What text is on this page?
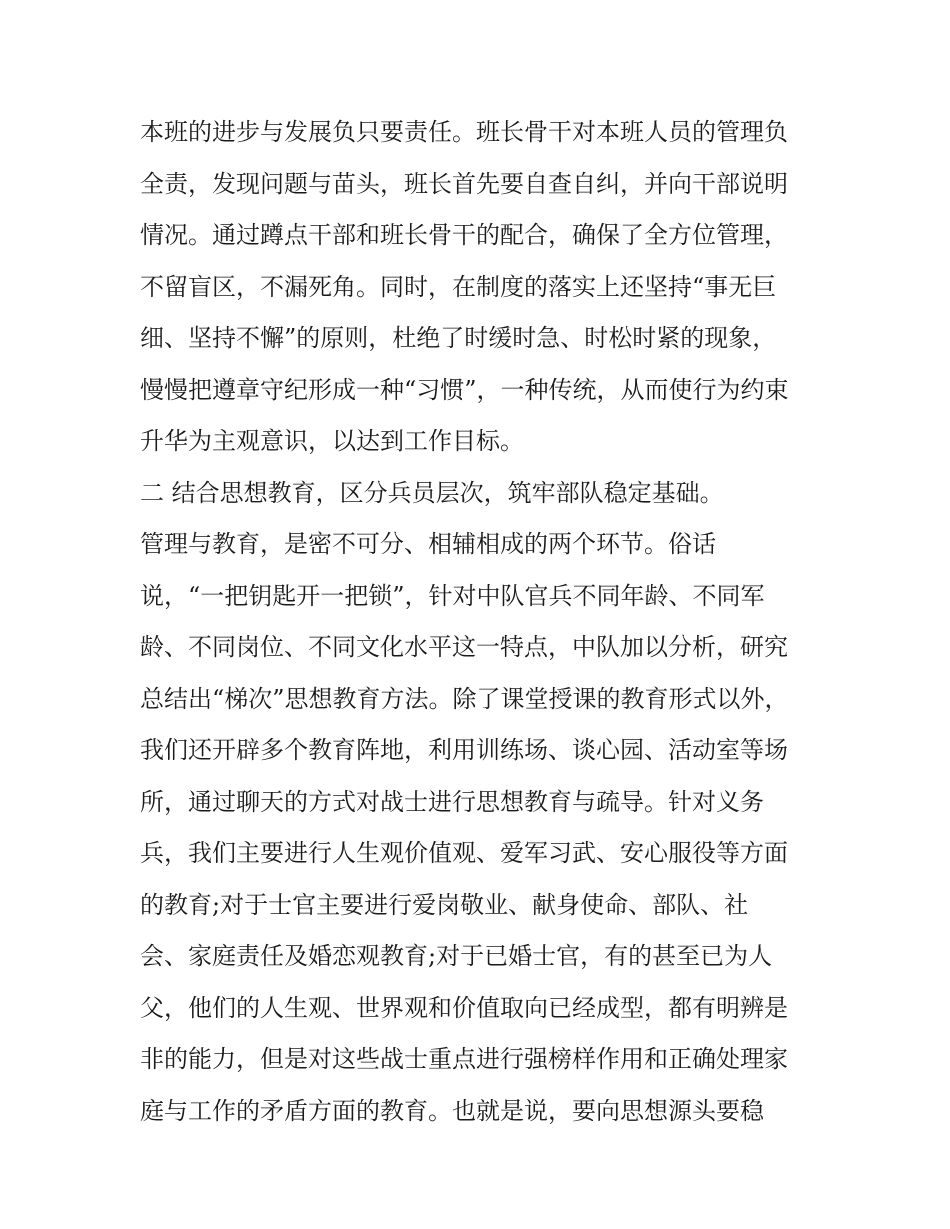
本班的进步与发展负只要责任。班长骨干对本班人员的管理负
全责，发现问题与苗头，班长首先要自查自纠，并向干部说明
情况。通过蹲点干部和班长骨干的配合，确保了全方位管理，
不留盲区，不漏死角。同时，在制度的落实上还坚持“事无巨
细、坚持不懈”的原则，杜绝了时缓时急、时松时紧的现象，
慢慢把遵章守纪形成一种“习惯”，一种传统，从而使行为约束
升华为主观意识，以达到工作目标。
二 结合思想教育，区分兵员层次，筑牢部队稳定基础。
管理与教育，是密不可分、相辅相成的两个环节。俗话
说，“一把钥匙开一把锁”，针对中队官兵不同年龄、不同军
龄、不同岗位、不同文化水平这一特点，中队加以分析，研究
总结出“梯次”思想教育方法。除了课堂授课的教育形式以外，
我们还开辟多个教育阵地，利用训练场、谈心园、活动室等场
所，通过聊天的方式对战士进行思想教育与疏导。针对义务
兵，我们主要进行人生观价值观、爱军习武、安心服役等方面
的教育;对于士官主要进行爱岗敬业、献身使命、部队、社
会、家庭责任及婚恋观教育;对于已婚士官，有的甚至已为人
父，他们的人生观、世界观和价值取向已经成型，都有明辨是
非的能力，但是对这些战士重点进行强榜样作用和正确处理家
庭与工作的矛盾方面的教育。也就是说，要向思想源头要稳
